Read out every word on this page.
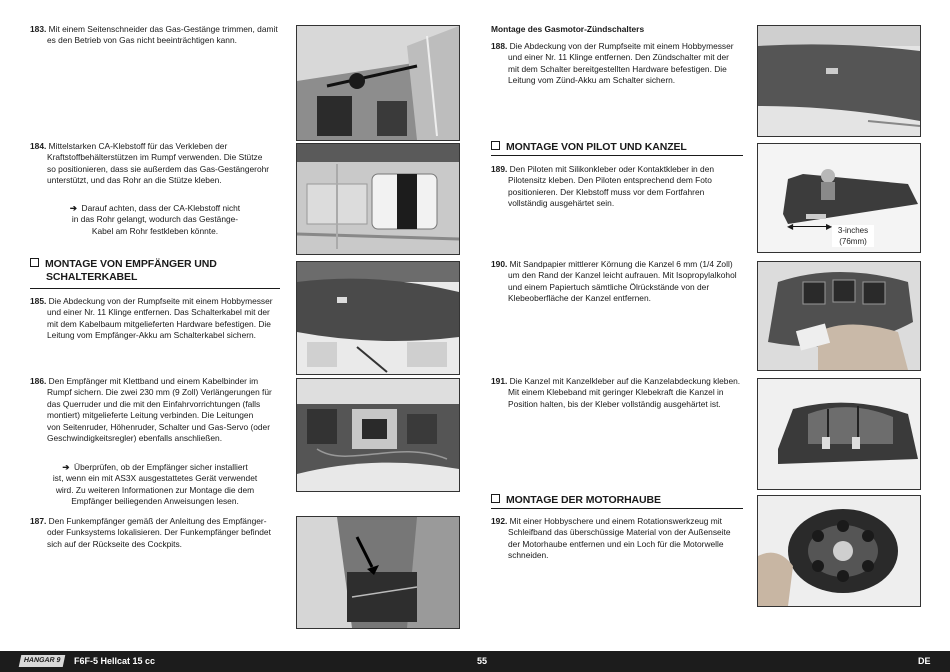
183. Mit einem Seitenschneider das Gas-Gestänge trimmen, damit
es den Betrieb von Gas nicht beeinträchtigen kann.
184. Mittelstarken CA-Klebstoff für das Verkleben der
Kraftstoffbehälterstützen im Rumpf verwenden. Die Stütze
so positionieren, dass sie außerdem das Gas-Gestängerohr
unterstützt, und das Rohr an die Stütze kleben.
➔ Darauf achten, dass der CA-Klebstoff nicht
in das Rohr gelangt, wodurch das Gestänge-
Kabel am Rohr festkleben könnte.
MONTAGE VON EMPFÄNGER UND
SCHALTERKABEL
185. Die Abdeckung von der Rumpfseite mit einem Hobbymesser
und einer Nr. 11 Klinge entfernen. Das Schalterkabel mit der
mit dem Kabelbaum mitgelieferten Hardware befestigen. Die
Leitung vom Empfänger-Akku am Schalterkabel sichern.
186. Den Empfänger mit Klettband und einem Kabelbinder im
Rumpf sichern. Die zwei 230 mm (9 Zoll) Verlängerungen für
das Querruder und die mit den Einfahrvorrichtungen (falls
montiert) mitgelieferte Leitung verbinden. Die Leitungen
von Seitenruder, Höhenruder, Schalter und Gas-Servo (oder
Geschwindigkeitsregler) ebenfalls anschließen.
➔ Überprüfen, ob der Empfänger sicher installiert
ist, wenn ein mit AS3X ausgestattetes Gerät verwendet
wird. Zu weiteren Informationen zur Montage die dem
Empfänger beiliegenden Anweisungen lesen.
187. Den Funkempfänger gemäß der Anleitung des Empfänger-
oder Funksystems lokalisieren. Der Funkempfänger befindet
sich auf der Rückseite des Cockpits.
Montage des Gasmotor-Zündschalters
188. Die Abdeckung von der Rumpfseite mit einem Hobbymesser
und einer Nr. 11 Klinge entfernen. Den Zündschalter mit der
mit dem Schalter bereitgestellten Hardware befestigen. Die
Leitung vom Zünd-Akku am Schalter sichern.
MONTAGE VON PILOT UND KANZEL
189. Den Piloten mit Silikonkleber oder Kontaktkleber in den
Pilotensitz kleben. Den Piloten entsprechend dem Foto
positionieren. Der Klebstoff muss vor dem Fortfahren
vollständig ausgehärtet sein.
190. Mit Sandpapier mittlerer Körnung die Kanzel 6 mm (1/4 Zoll)
um den Rand der Kanzel leicht aufrauen. Mit Isopropylalkohol
und einem Papiertuch sämtliche Ölrückstände von der
Klebeoberfläche der Kanzel entfernen.
191. Die Kanzel mit Kanzelkleber auf die Kanzelabdeckung kleben.
Mit einem Klebeband mit geringer Klebekraft die Kanzel in
Position halten, bis der Kleber vollständig ausgehärtet ist.
MONTAGE DER MOTORHAUBE
192. Mit einer Hobbyschere und einem Rotationswerkzeug mit
Schleifband das überschüssige Material von der Außenseite
der Motorhaube entfernen und ein Loch für die Motorwelle
schneiden.
◀	▶ 3-inches
(76mm)
F6F-5 Hellcat 15 cc	55	DE
HANGAR 9
